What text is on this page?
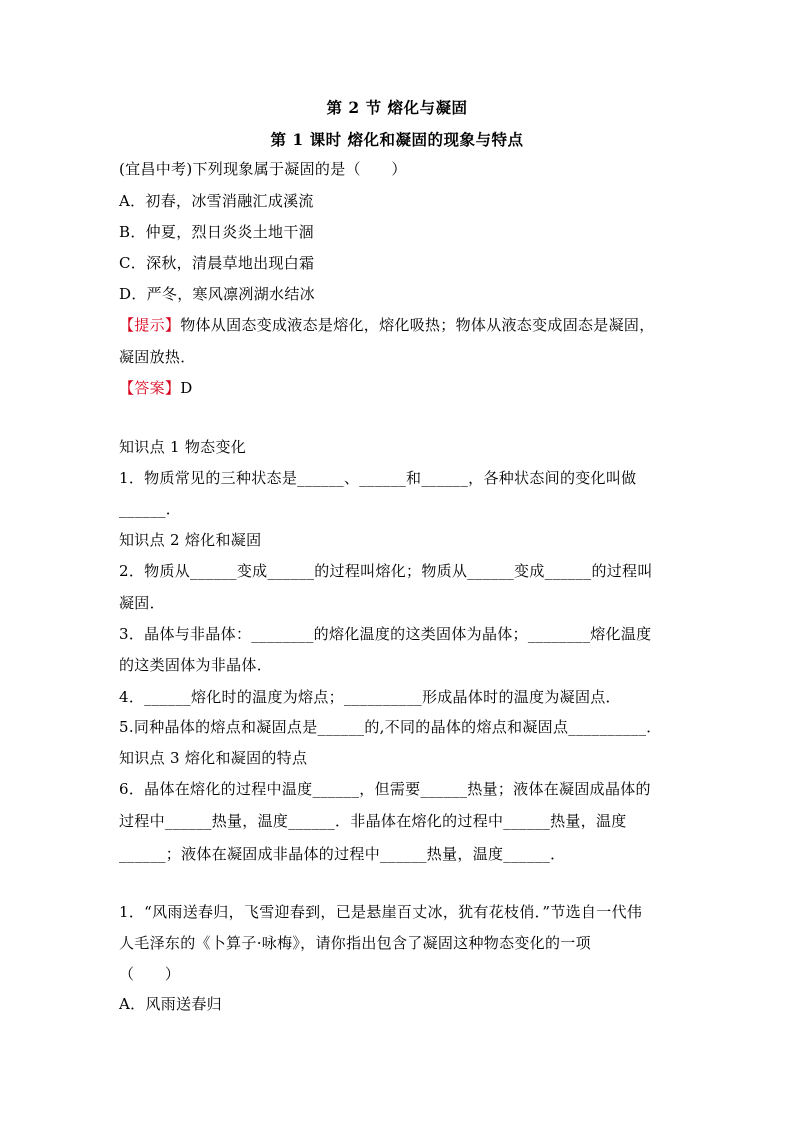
第 2 节 熔化与凝固
第 1 课时 熔化和凝固的现象与特点
(宜昌中考)下列现象属于凝固的是（　　）
A．初春，冰雪消融汇成溪流
B．仲夏，烈日炎炎土地干涸
C．深秋，清晨草地出现白霜
D．严冬，寒风凛冽湖水结冰
【提示】物体从固态变成液态是熔化，熔化吸热；物体从液态变成固态是凝固，
凝固放热．
【答案】D
知识点 1 物态变化
1．物质常见的三种状态是______、______和______，各种状态间的变化叫做
______．
知识点 2 熔化和凝固
2．物质从______变成______的过程叫熔化；物质从______变成______的过程叫
凝固．
3．晶体与非晶体：________的熔化温度的这类固体为晶体；________熔化温度
的这类固体为非晶体．
4．______熔化时的温度为熔点；__________形成晶体时的温度为凝固点．
5.同种晶体的熔点和凝固点是______的,不同的晶体的熔点和凝固点__________．
知识点 3 熔化和凝固的特点
6．晶体在熔化的过程中温度______，但需要______热量；液体在凝固成晶体的
过程中______热量，温度______．非晶体在熔化的过程中______热量，温度
______；液体在凝固成非晶体的过程中______热量，温度______．
1．“风雨送春归，飞雪迎春到，已是悬崖百丈冰，犹有花枝俏．”节选自一代伟
人毛泽东的《卜算子·咏梅》，请你指出包含了凝固这种物态变化的一项
（　　）
A．风雨送春归
